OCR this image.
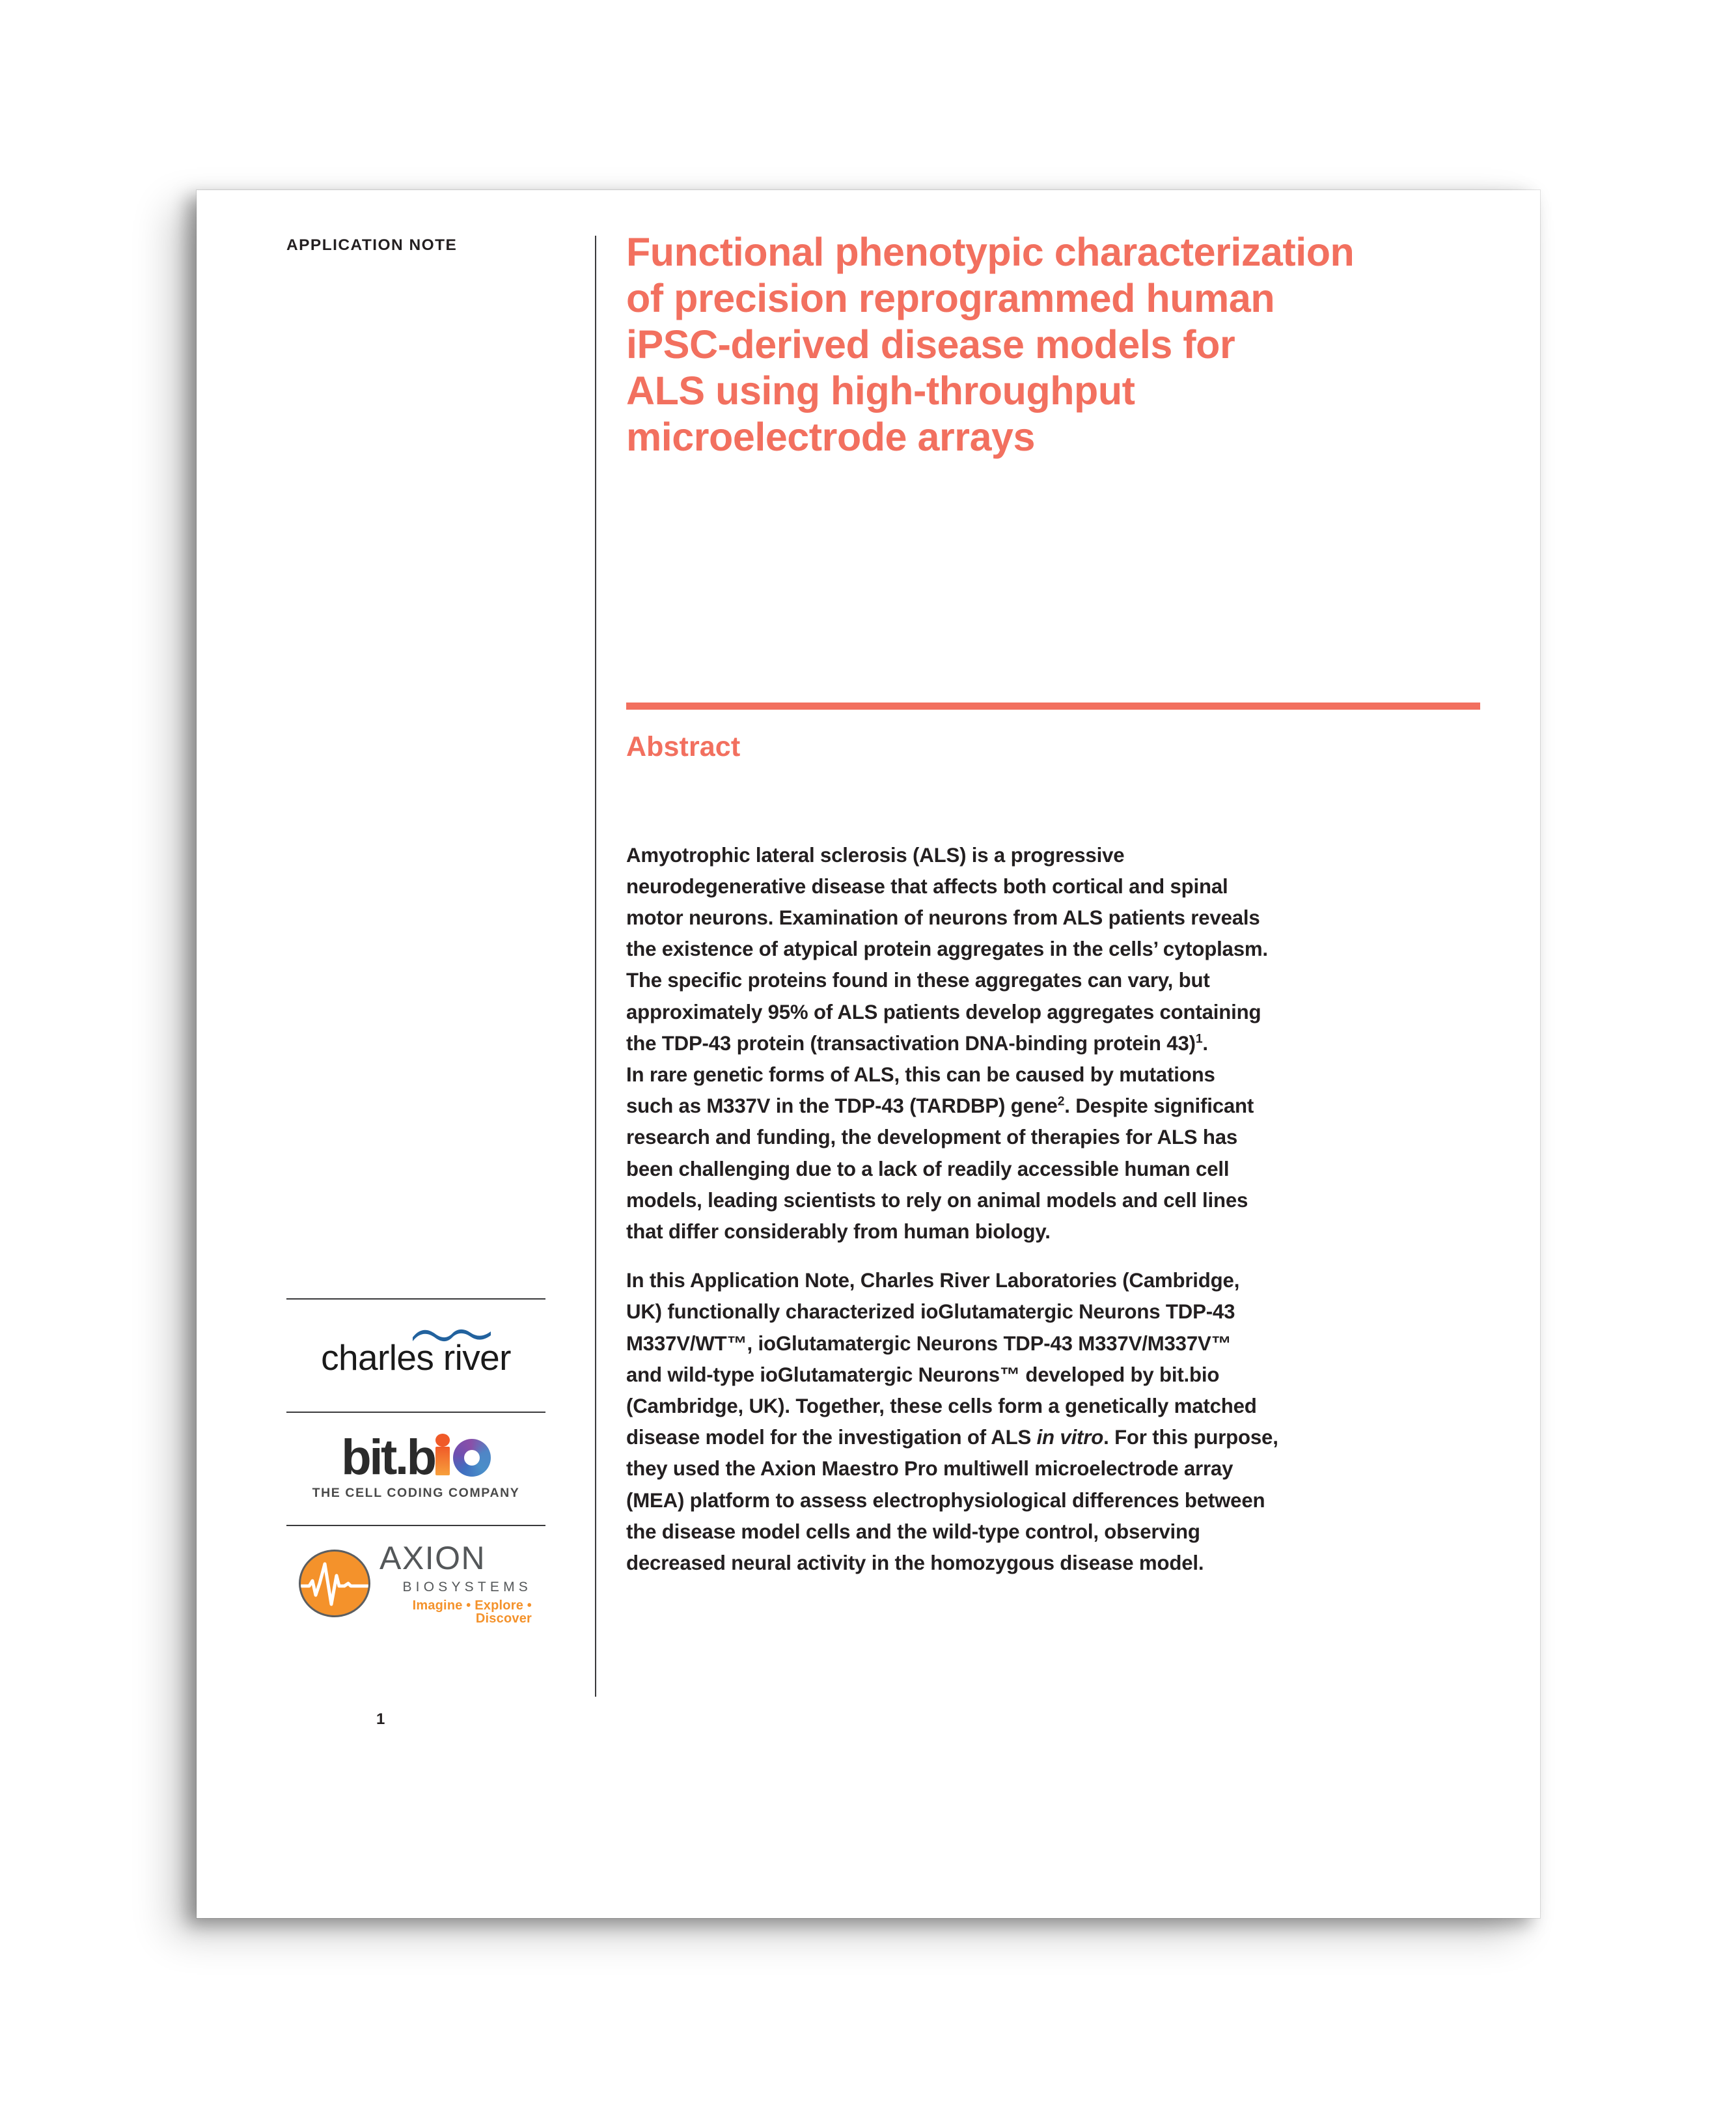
APPLICATION NOTE
charles river
bit.b
THE CELL CODING COMPANY
AXION
BIOSYSTEMS
Imagine • Explore • Discover
1
Functional phenotypic characterization
of precision reprogrammed human
iPSC-derived disease models for
ALS using high-throughput
microelectrode arrays
Abstract

Amyotrophic lateral sclerosis (ALS) is a progressive
neurodegenerative disease that affects both cortical and spinal
motor neurons. Examination of neurons from ALS patients reveals
the existence of atypical protein aggregates in the cells’ cytoplasm.
The specific proteins found in these aggregates can vary, but
approximately 95% of ALS patients develop aggregates containing
the TDP-43 protein (transactivation DNA-binding protein 43)$^1$.
In rare genetic forms of ALS, this can be caused by mutations
such as M337V in the TDP-43 (TARDBP) gene$^2$. Despite significant
research and funding, the development of therapies for ALS has
been challenging due to a lack of readily accessible human cell
models, leading scientists to rely on animal models and cell lines
that differ considerably from human biology.

In this Application Note, Charles River Laboratories (Cambridge,
UK) functionally characterized ioGlutamatergic Neurons TDP-43
M337V/WT™, ioGlutamatergic Neurons TDP-43 M337V/M337V™
and wild-type ioGlutamatergic Neurons™ developed by bit.bio
(Cambridge, UK). Together, these cells form a genetically matched
disease model for the investigation of ALS in vitro. For this purpose,
they used the Axion Maestro Pro multiwell microelectrode array
(MEA) platform to assess electrophysiological differences between
the disease model cells and the wild-type control, observing
decreased neural activity in the homozygous disease model.
